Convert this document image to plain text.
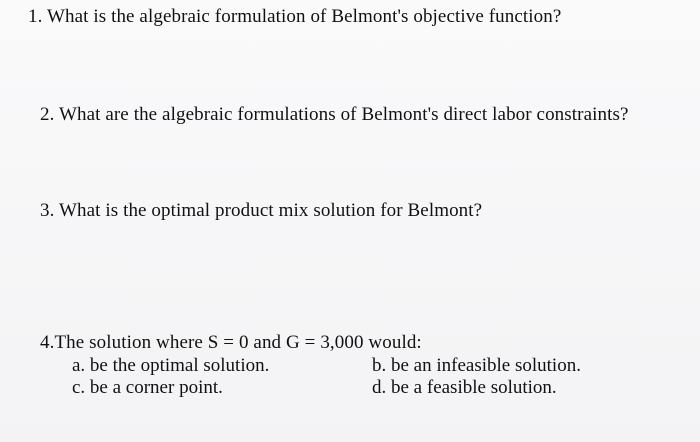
1. What is the algebraic formulation of Belmont's objective function?
2. What are the algebraic formulations of Belmont's direct labor constraints?
3. What is the optimal product mix solution for Belmont?
4.The solution where S = 0 and G = 3,000 would:
a. be the optimal solution.	b. be an infeasible solution.
c. be a corner point.	d. be a feasible solution.
